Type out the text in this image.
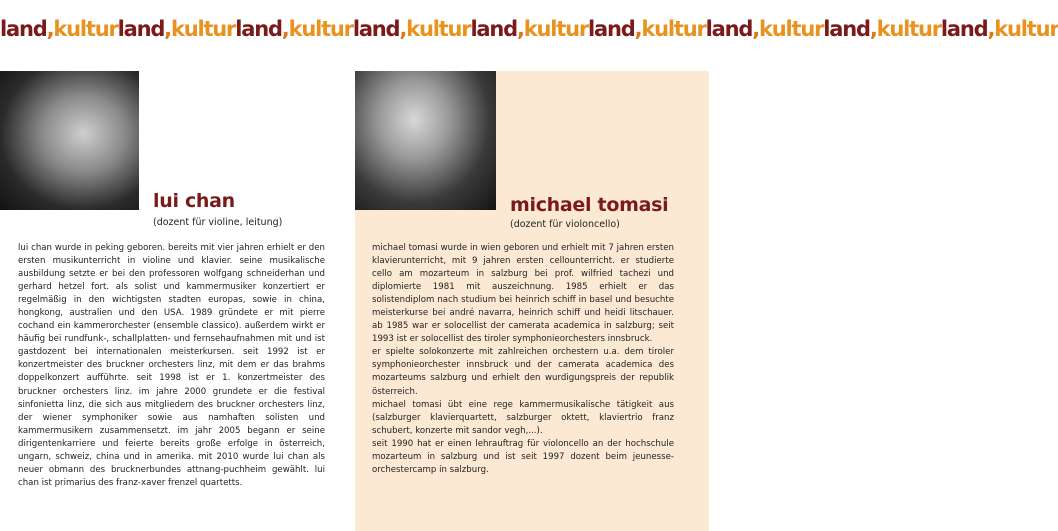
land,kulturland,kulturland,kulturland,kulturland,kulturland,kulturland,kulturland,kulturland,kultur
lui chan
(dozent für violine, leitung)
michael tomasi
(dozent für violoncello)

lui chan wurde in peking geboren. bereits mit vier jahren erhielt er den ersten musikunterricht in violine und klavier. seine musikalische ausbildung setzte er bei den professoren wolfgang schneiderhan und gerhard hetzel fort. als solist und kammermusiker konzertiert er regelmäßig in den wichtigsten stadten europas, sowie in china, hongkong, australien und den USA. 1989 gründete er mit pierre cochand ein kammerorchester (ensemble classico). außerdem wirkt er häufig bei rundfunk-, schallplatten- und fernsehaufnahmen mit und ist gastdozent bei internationalen meisterkursen. seit 1992 ist er konzertmeister des bruckner orchesters linz, mit dem er das brahms doppelkonzert aufführte. seit 1998 ist er 1. konzertmeister des bruckner orchesters linz. im jahre 2000 grundete er die festival sinfonietta linz, die sich aus mitgliedern des bruckner orchesters linz, der wiener symphoniker sowie aus namhaften solisten und kammermusikern zusammensetzt. im jahr 2005 begann er seine dirigentenkarriere und feierte bereits große erfolge in österreich, ungarn, schweiz, china und in amerika. mit 2010 wurde lui chan als neuer obmann des brucknerbundes attnang-puchheim gewählt. lui chan ist primarius des franz-xaver frenzel quartetts.

michael tomasi wurde in wien geboren und erhielt mit 7 jahren ersten klavierunterricht, mit 9 jahren ersten cellounterricht. er studierte cello am mozarteum in salzburg bei prof. wilfried tachezi und diplomierte 1981 mit auszeichnung. 1985 erhielt er das solistendiplom nach studium bei heinrich schiff in basel und besuchte meisterkurse bei andré navarra, heinrich schiff und heidi litschauer. ab 1985 war er solocellist der camerata academica in salzburg; seit 1993 ist er solocellist des tiroler symphonieorchesters innsbruck.

er spielte solokonzerte mit zahlreichen orchestern u.a. dem tiroler symphonieorchester innsbruck und der camerata academica des mozarteums salzburg und erhielt den wurdigungspreis der republik österreich.

michael tomasi übt eine rege kammermusikalische tätigkeit aus (salzburger klavierquartett, salzburger oktett, klaviertrio franz schubert, konzerte mit sandor vegh,...).

seit 1990 hat er einen lehrauftrag für violoncello an der hochschule mozarteum in salzburg und ist seit 1997 dozent beim jeunesse-orchestercamp in salzburg.
